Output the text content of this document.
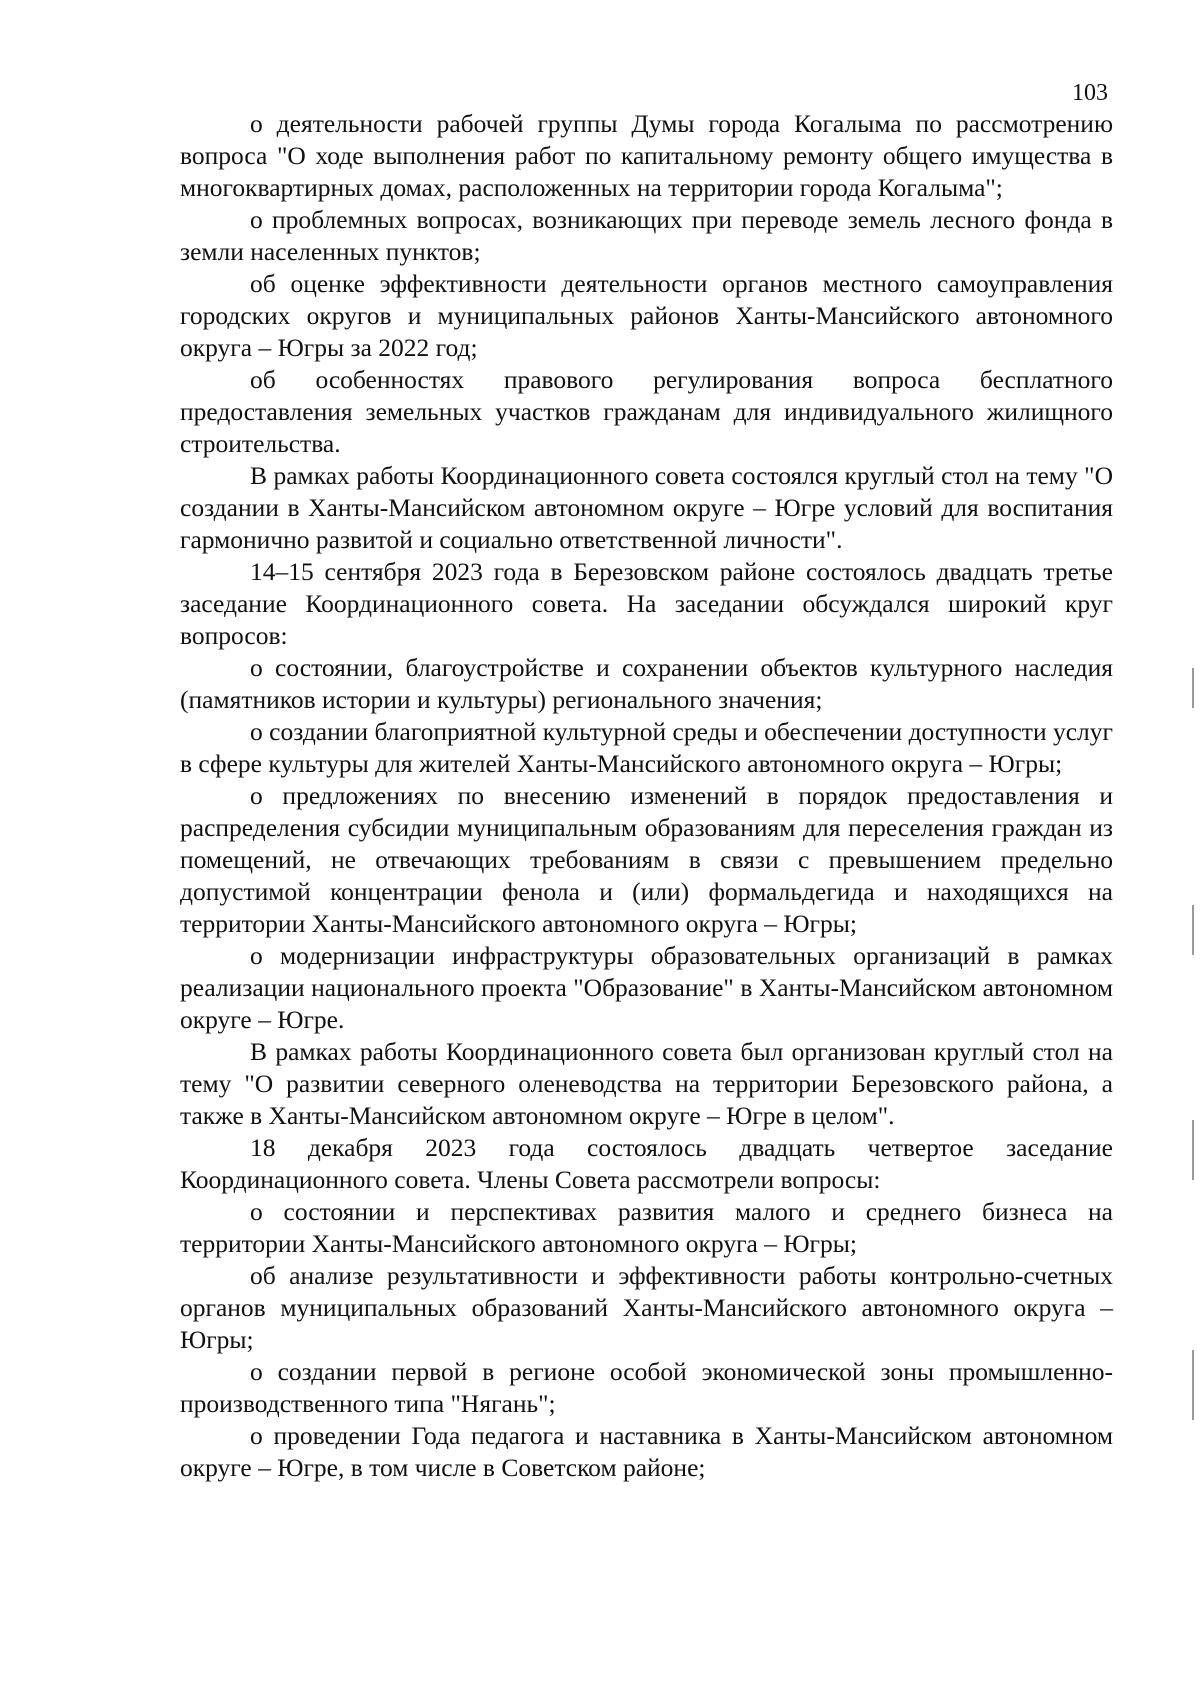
103

о деятельности рабочей группы Думы города Когалыма по рассмотрению вопроса "О ходе выполнения работ по капитальному ремонту общего имущества в многоквартирных домах, расположенных на территории города Когалыма";

о проблемных вопросах, возникающих при переводе земель лесного фонда в земли населенных пунктов;

об оценке эффективности деятельности органов местного самоуправления городских округов и муниципальных районов Ханты-Мансийского автономного округа – Югры за 2022 год;

об особенностях правового регулирования вопроса бесплатного предоставления земельных участков гражданам для индивидуального жилищного строительства.

В рамках работы Координационного совета состоялся круглый стол на тему "О создании в Ханты-Мансийском автономном округе – Югре условий для воспитания гармонично развитой и социально ответственной личности".

14–15 сентября 2023 года в Березовском районе состоялось двадцать третье заседание Координационного совета. На заседании обсуждался широкий круг вопросов:

о состоянии, благоустройстве и сохранении объектов культурного наследия (памятников истории и культуры) регионального значения;

о создании благоприятной культурной среды и обеспечении доступности услуг в сфере культуры для жителей Ханты-Мансийского автономного округа – Югры;

о предложениях по внесению изменений в порядок предоставления и распределения субсидии муниципальным образованиям для переселения граждан из помещений, не отвечающих требованиям в связи с превышением предельно допустимой концентрации фенола и (или) формальдегида и находящихся на территории Ханты-Мансийского автономного округа – Югры;

о модернизации инфраструктуры образовательных организаций в рамках реализации национального проекта "Образование" в Ханты-Мансийском автономном округе – Югре.

В рамках работы Координационного совета был организован круглый стол на тему "О развитии северного оленеводства на территории Березовского района, а также в Ханты-Мансийском автономном округе – Югре в целом".

18 декабря 2023 года состоялось двадцать четвертое заседание Координационного совета. Члены Совета рассмотрели вопросы:

о состоянии и перспективах развития малого и среднего бизнеса на территории Ханты-Мансийского автономного округа – Югры;

об анализе результативности и эффективности работы контрольно-счетных органов муниципальных образований Ханты-Мансийского автономного округа – Югры;

о создании первой в регионе особой экономической зоны промышленно-производственного типа "Нягань";

о проведении Года педагога и наставника в Ханты-Мансийском автономном округе – Югре, в том числе в Советском районе;
